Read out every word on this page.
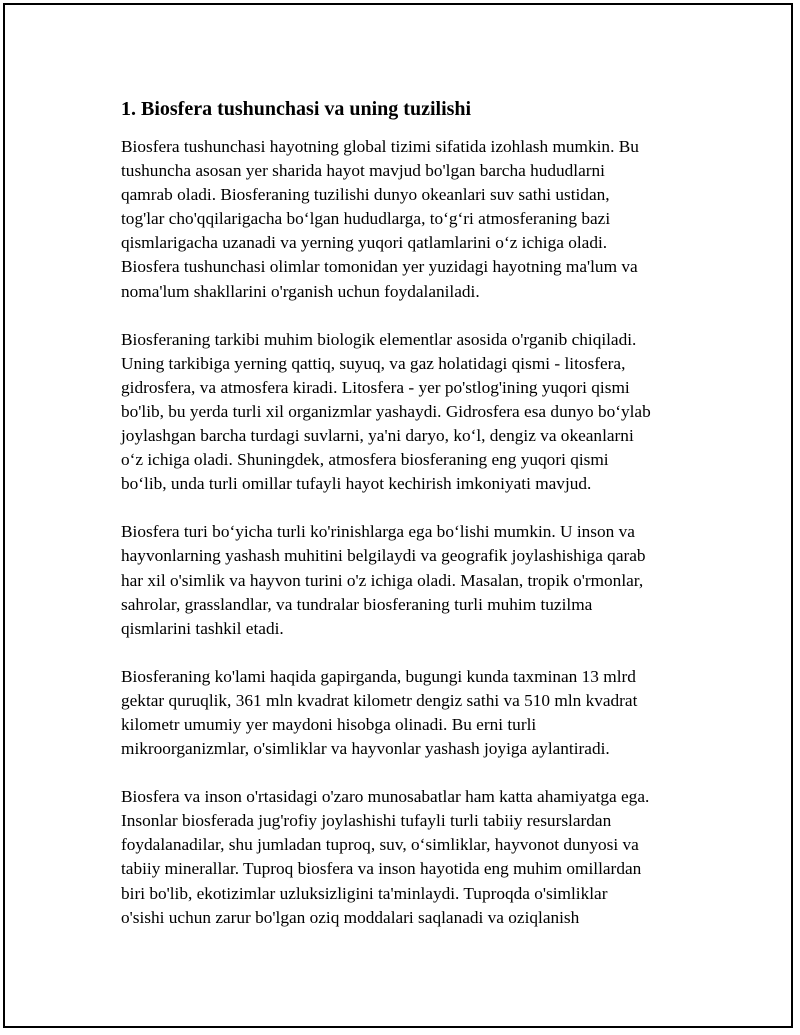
1. Biosfera tushunchasi va uning tuzilishi

Biosfera tushunchasi hayotning global tizimi sifatida izohlash mumkin. Bu
tushuncha asosan yer sharida hayot mavjud bo'lgan barcha hududlarni
qamrab oladi. Biosferaning tuzilishi dunyo okeanlari suv sathi ustidan,
tog'lar cho'qqilarigacha bo‘lgan hududlarga, to‘g‘ri atmosferaning bazi
qismlarigacha uzanadi va yerning yuqori qatlamlarini o‘z ichiga oladi.
Biosfera tushunchasi olimlar tomonidan yer yuzidagi hayotning ma'lum va
noma'lum shakllarini o'rganish uchun foydalaniladi.

Biosferaning tarkibi muhim biologik elementlar asosida o'rganib chiqiladi.
Uning tarkibiga yerning qattiq, suyuq, va gaz holatidagi qismi - litosfera,
gidrosfera, va atmosfera kiradi. Litosfera - yer po'stlog'ining yuqori qismi
bo'lib, bu yerda turli xil organizmlar yashaydi. Gidrosfera esa dunyo bo‘ylab
joylashgan barcha turdagi suvlarni, ya'ni daryo, ko‘l, dengiz va okeanlarni
o‘z ichiga oladi. Shuningdek, atmosfera biosferaning eng yuqori qismi
bo‘lib, unda turli omillar tufayli hayot kechirish imkoniyati mavjud.

Biosfera turi bo‘yicha turli ko'rinishlarga ega bo‘lishi mumkin. U inson va
hayvonlarning yashash muhitini belgilaydi va geografik joylashishiga qarab
har xil o'simlik va hayvon turini o'z ichiga oladi. Masalan, tropik o'rmonlar,
sahrolar, grasslandlar, va tundralar biosferaning turli muhim tuzilma
qismlarini tashkil etadi.

Biosferaning ko'lami haqida gapirganda, bugungi kunda taxminan 13 mlrd
gektar quruqlik, 361 mln kvadrat kilometr dengiz sathi va 510 mln kvadrat
kilometr umumiy yer maydoni hisobga olinadi. Bu erni turli
mikroorganizmlar, o'simliklar va hayvonlar yashash joyiga aylantiradi.

Biosfera va inson o'rtasidagi o'zaro munosabatlar ham katta ahamiyatga ega.
Insonlar biosferada jug'rofiy joylashishi tufayli turli tabiiy resurslardan
foydalanadilar, shu jumladan tuproq, suv, o‘simliklar, hayvonot dunyosi va
tabiiy minerallar. Tuproq biosfera va inson hayotida eng muhim omillardan
biri bo'lib, ekotizimlar uzluksizligini ta'minlaydi. Tuproqda o'simliklar
o'sishi uchun zarur bo'lgan oziq moddalari saqlanadi va oziqlanish
